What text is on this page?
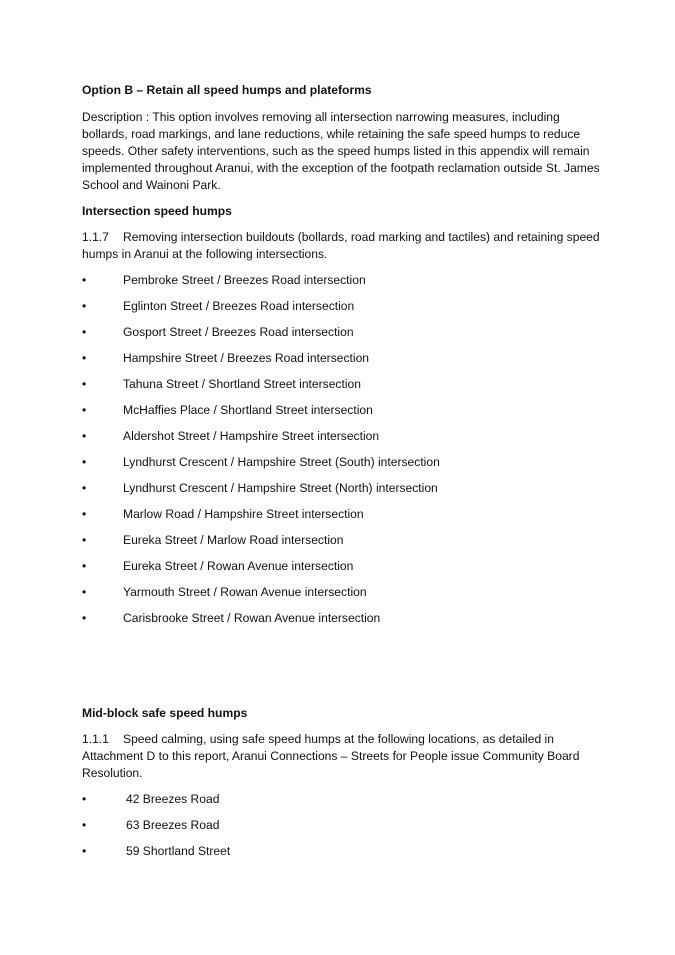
Option B – Retain all speed humps and plateforms

Description : This option involves removing all intersection narrowing measures, including bollards, road markings, and lane reductions, while retaining the safe speed humps to reduce speeds. Other safety interventions, such as the speed humps listed in this appendix will remain implemented throughout Aranui, with the exception of the footpath reclamation outside St. James School and Wainoni Park.

Intersection speed humps

1.1.7 Removing intersection buildouts (bollards, road marking and tactiles) and retaining speed humps in Aranui at the following intersections.

•	Pembroke Street / Breezes Road intersection
•	Eglinton Street / Breezes Road intersection
•	Gosport Street / Breezes Road intersection
•	Hampshire Street / Breezes Road intersection
•	Tahuna Street / Shortland Street intersection
•	McHaffies Place / Shortland Street intersection
•	Aldershot Street / Hampshire Street intersection
•	Lyndhurst Crescent / Hampshire Street (South) intersection
•	Lyndhurst Crescent / Hampshire Street (North) intersection
•	Marlow Road / Hampshire Street intersection
•	Eureka Street / Marlow Road intersection
•	Eureka Street / Rowan Avenue intersection
•	Yarmouth Street / Rowan Avenue intersection
•	Carisbrooke Street / Rowan Avenue intersection
Mid-block safe speed humps

1.1.1 Speed calming, using safe speed humps at the following locations, as detailed in Attachment D to this report, Aranui Connections – Streets for People issue Community Board Resolution.

•	42 Breezes Road
•	63 Breezes Road
•	59 Shortland Street
